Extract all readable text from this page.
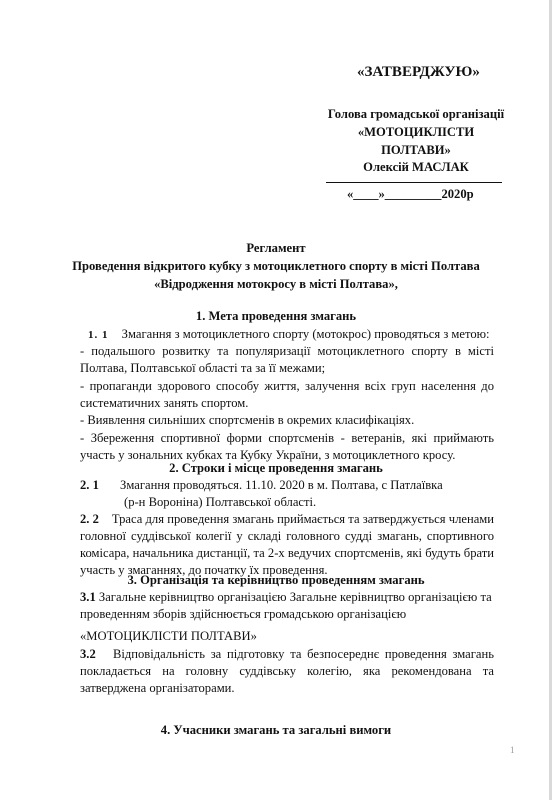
«ЗАТВЕРДЖУЮ»
Голова громадської організації
«МОТОЦИКЛІСТИ
ПОЛТАВИ»
Олексій МАСЛАК
«____»_________2020р
Регламент
Проведення відкритого кубку з мотоциклетного спорту в місті Полтава
«Відродження мотокросу в місті Полтава»,
1. Мета проведення змагань
1. 1 Змагання з мотоциклетного спорту (мотокрос) проводяться з метою:

- подальшого розвитку та популяризації мотоциклетного спорту в місті Полтава, Полтавської області та за її межами;

- пропаганди здорового способу життя, залучення всіх груп населення до систематичних занять спортом.

- Виявлення сильніших спортсменів в окремих класифікаціях.

- Збереження спортивної форми спортсменів - ветеранів, які приймають участь у зональних кубках та Кубку України, з мотоциклетного кросу.

2. Строки і місце проведення змагань
2. 1 Змагання проводяться. 11.10. 2020 в м. Полтава, с Патлаївка
(р-н Вороніна) Полтавської області.

2. 2 Траса для проведення змагань приймається та затверджується членами головної суддівської колегії у складі головного судді змагань, спортивного комісара, начальника дистанції, та 2-х ведучих спортсменів, які будуть брати участь у змаганнях, до початку їх проведення.

3. Організація та керівництво проведенням змагань

3.1 Загальне керівництво організацією Загальне керівництво організацією та проведенням зборів здійснюється громадською організацією

«МОТОЦИКЛІСТИ ПОЛТАВИ»

3.2 Відповідальність за підготовку та безпосереднє проведення змагань покладається на головну суддівську колегію, яка рекомендована та затверджена організаторами.

4. Учасники змагань та загальні вимоги
1
